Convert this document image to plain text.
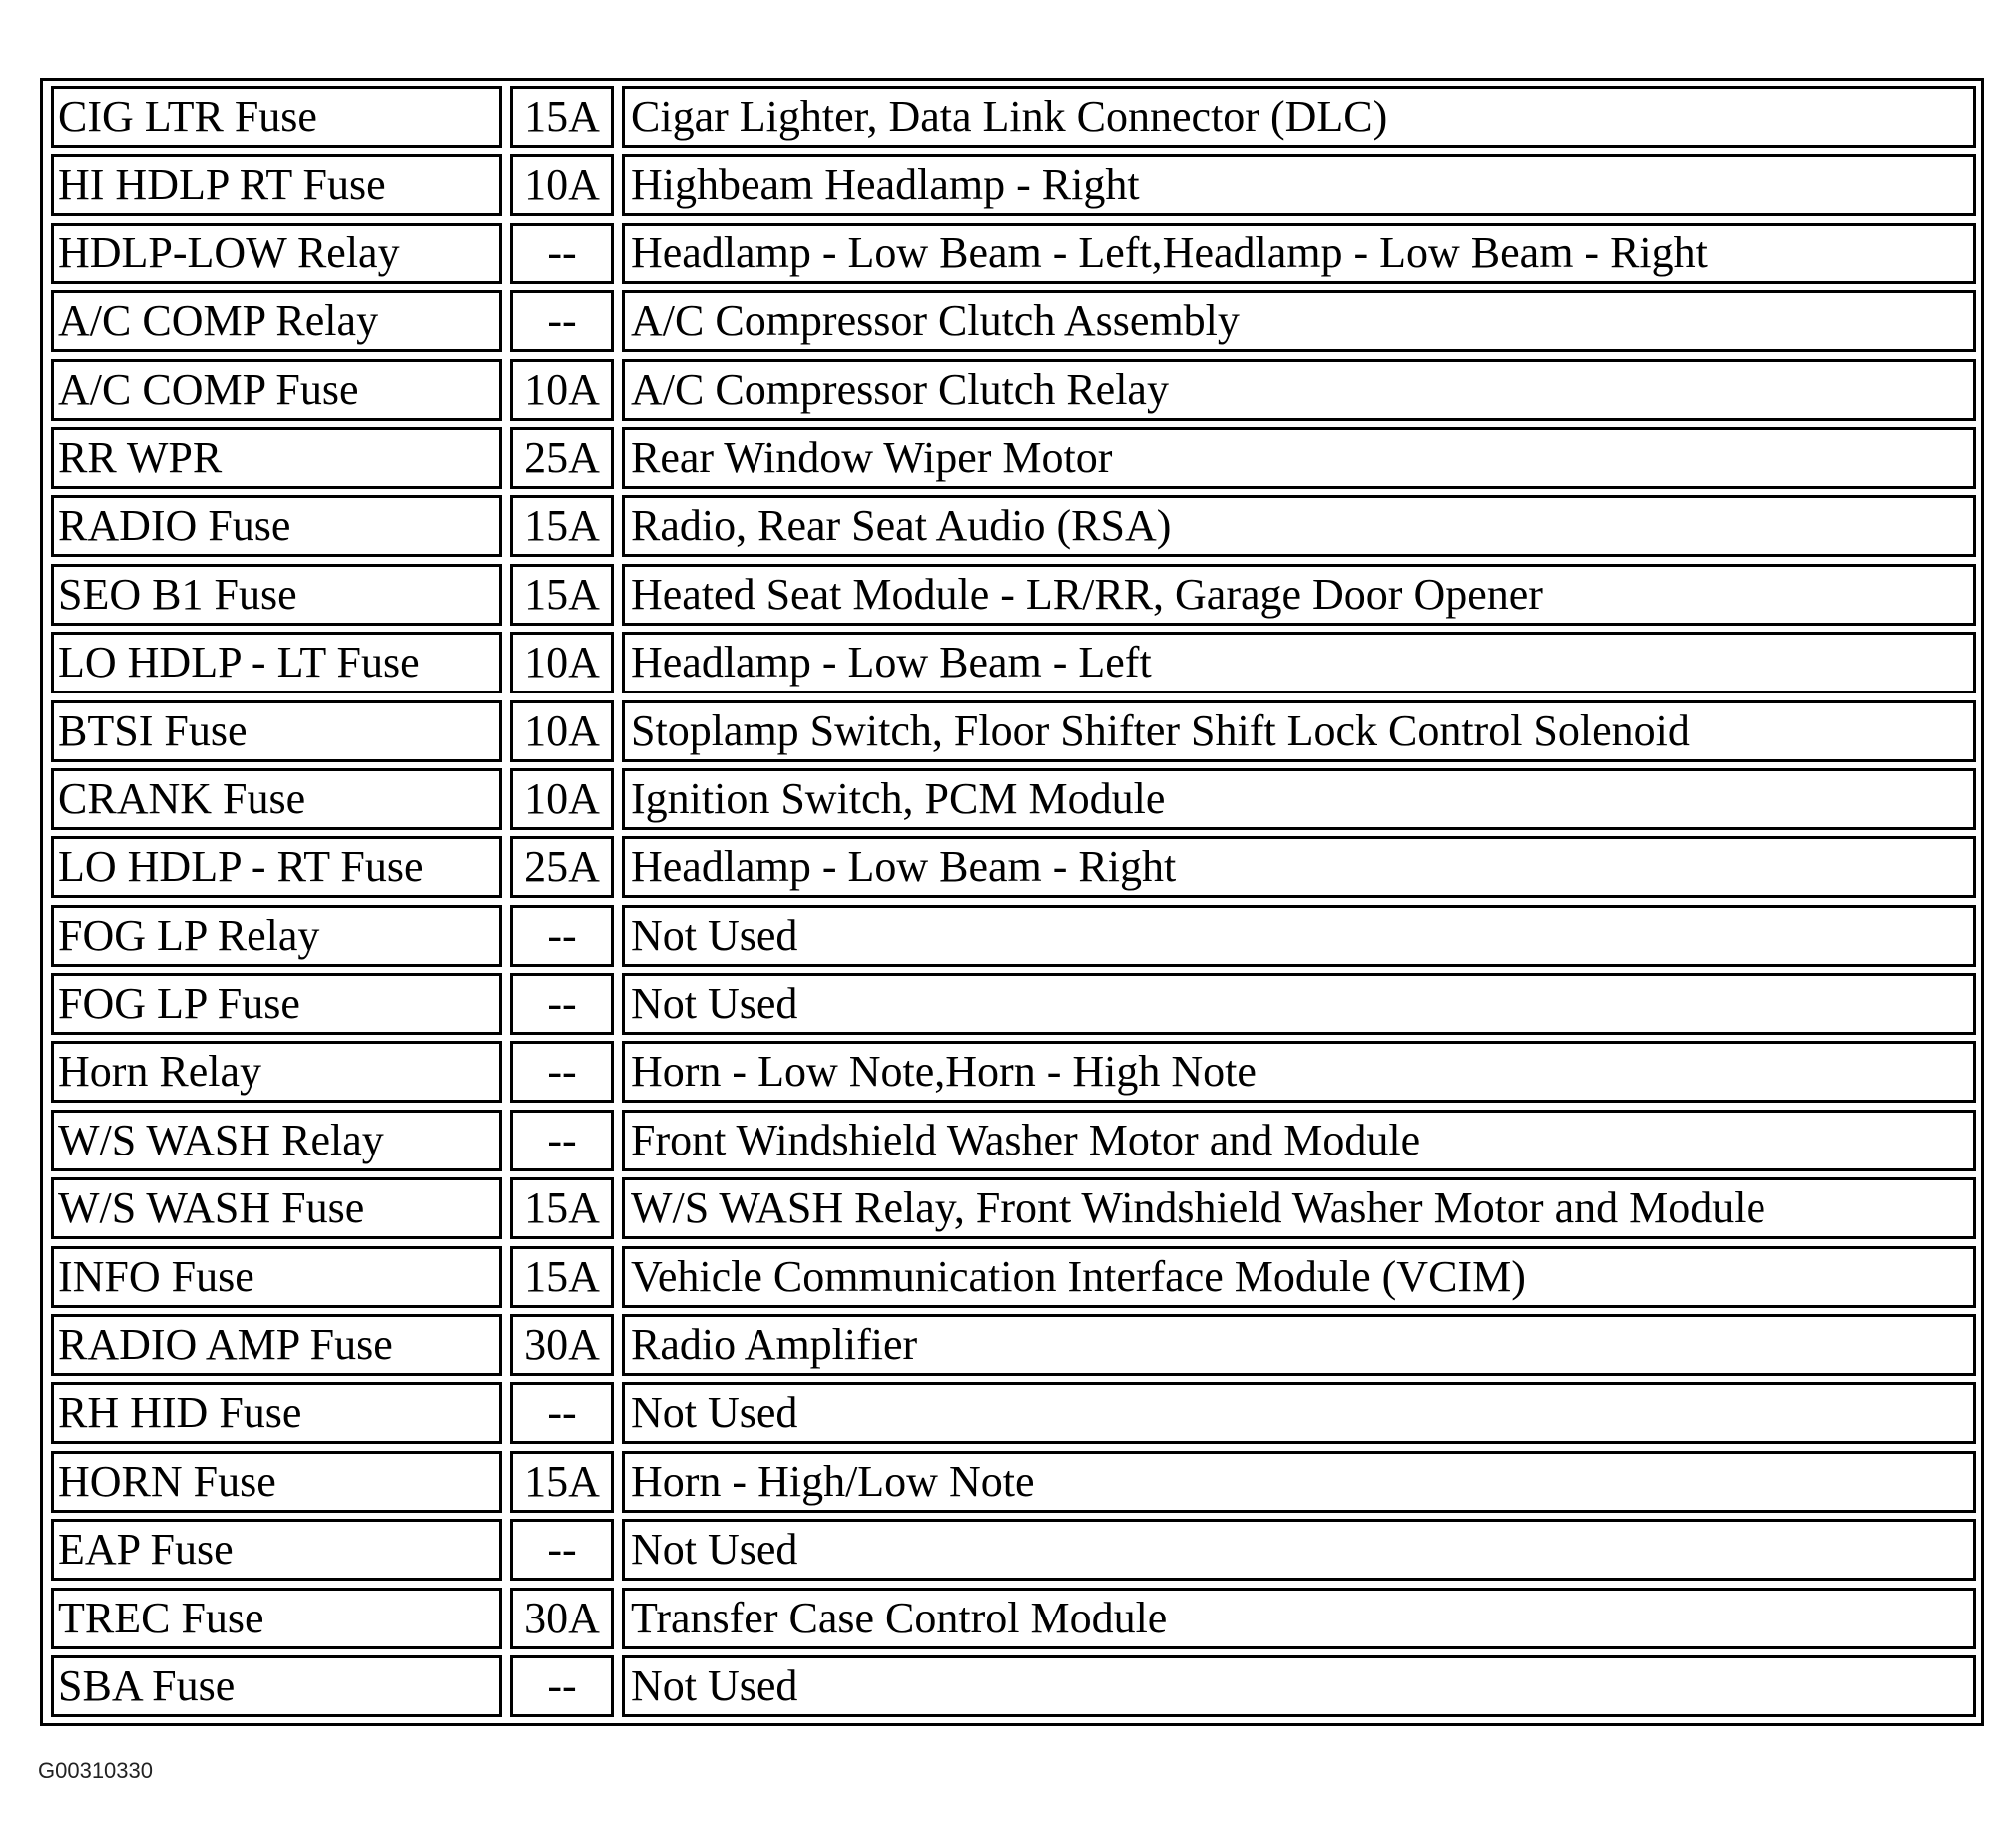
CIG LTR Fuse	15A Cigar Lighter, Data Link Connector (DLC)
HI HDLP RT Fuse	10A Highbeam Headlamp - Right
HDLP-LOW Relay	--	Headlamp - Low Beam - Left,Headlamp - Low Beam - Right
A/C COMP Relay	--	A/C Compressor Clutch Assembly
A/C COMP Fuse	10A A/C Compressor Clutch Relay
RR WPR	25A Rear Window Wiper Motor
RADIO Fuse	15A Radio, Rear Seat Audio (RSA)
SEO B1 Fuse	15A Heated Seat Module - LR/RR, Garage Door Opener
LO HDLP - LT Fuse	10A Headlamp - Low Beam - Left
BTSI Fuse	10A Stoplamp Switch, Floor Shifter Shift Lock Control Solenoid
CRANK Fuse	10A Ignition Switch, PCM Module
LO HDLP - RT Fuse	25A Headlamp - Low Beam - Right
FOG LP Relay	--	Not Used
FOG LP Fuse	--	Not Used
Horn Relay	--	Horn - Low Note,Horn - High Note
W/S WASH Relay	--	Front Windshield Washer Motor and Module
W/S WASH Fuse	15A W/S WASH Relay, Front Windshield Washer Motor and Module
INFO Fuse	15A Vehicle Communication Interface Module (VCIM)
RADIO AMP Fuse	30A Radio Amplifier
RH HID Fuse	--	Not Used
HORN Fuse	15A Horn - High/Low Note
EAP Fuse	--	Not Used
TREC Fuse	30A Transfer Case Control Module
SBA Fuse	--	Not Used
G00310330
